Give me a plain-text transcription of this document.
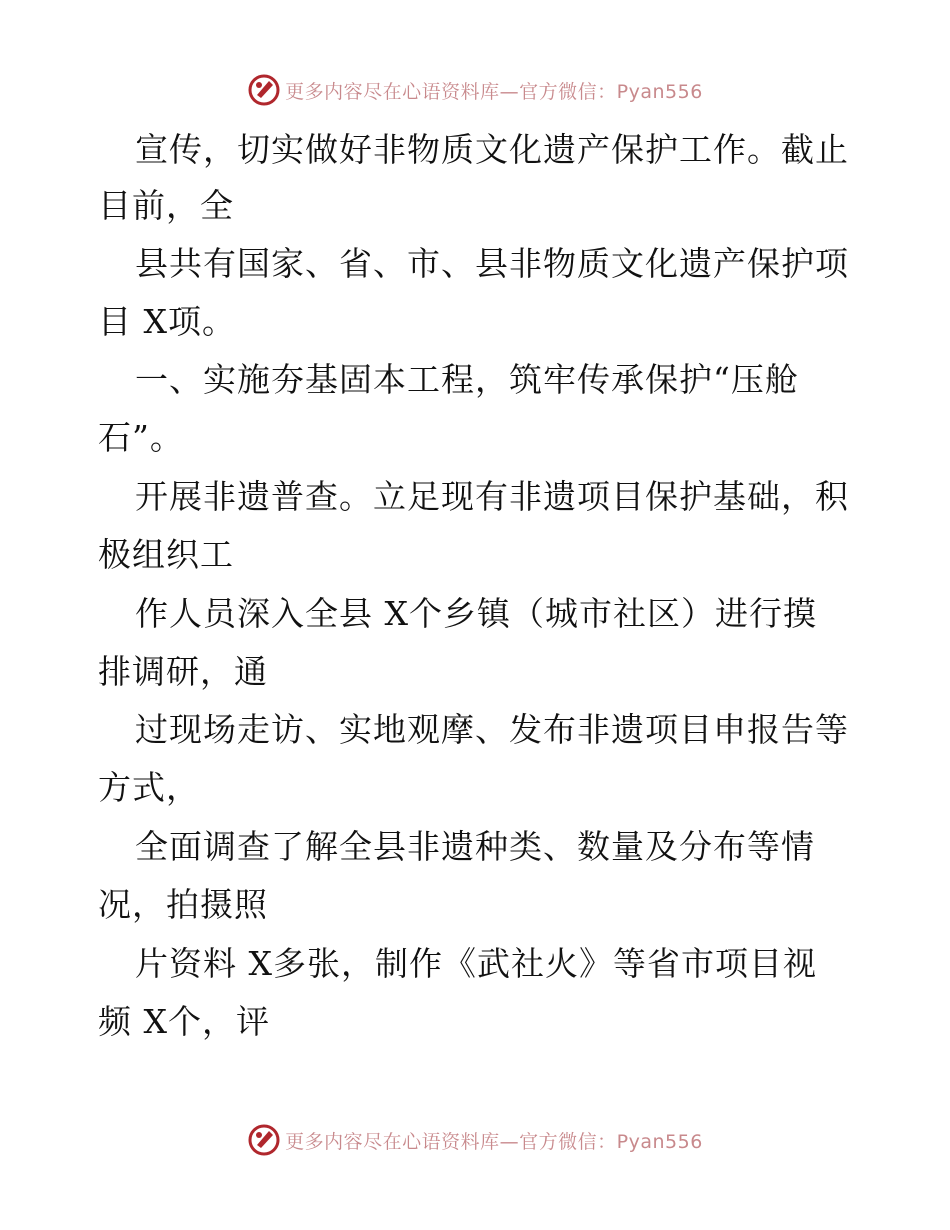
更多内容尽在心语资料库—官方微信：Pyan556
宣传，切实做好非物质文化遗产保护工作。截止
目前，全
县共有国家、省、市、县非物质文化遗产保护项
目 X项。
一、实施夯基固本工程，筑牢传承保护“压舱
石”。
开展非遗普查。立足现有非遗项目保护基础，积
极组织工
作人员深入全县 X个乡镇（城市社区）进行摸
排调研，通
过现场走访、实地观摩、发布非遗项目申报告等
方式，
全面调查了解全县非遗种类、数量及分布等情
况，拍摄照
片资料 X多张，制作《武社火》等省市项目视
频 X个，评
更多内容尽在心语资料库—官方微信：Pyan556
